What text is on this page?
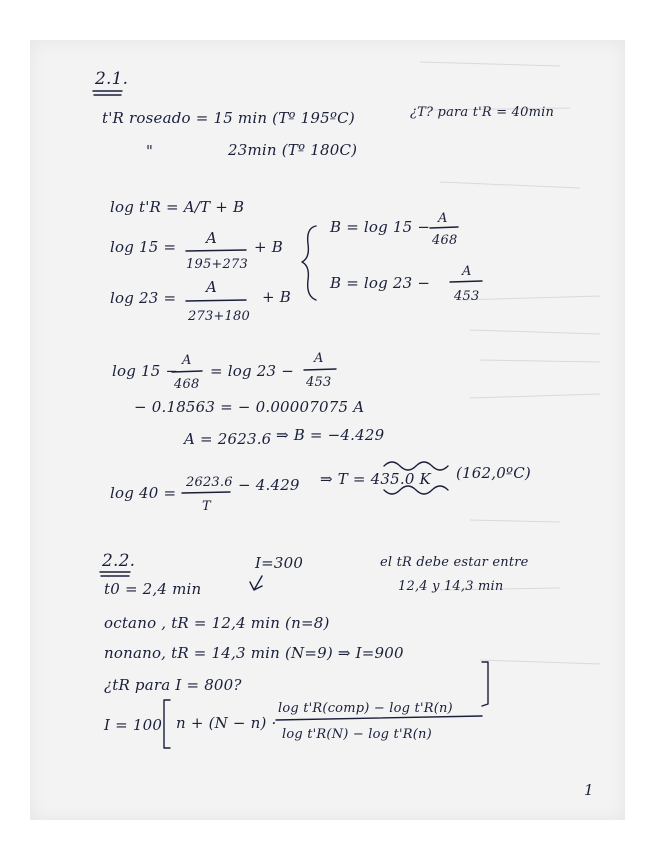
2.1.
t'R roseado = 15 min (Tº 195ºC)	¿T? para t'R = 40min
"	23min (Tº 180C)
log t'R = A/T + B
log 15 = A
195+273
+ B
log 23 =
A
273+180
+ B
B = log 15 − A
468
B = log 23 −
A
453
log 15 −
A
468
= log 23 −
A
453
− 0.18563 = − 0.00007075 A
A = 2623.6 ⇒ B = −4.429
log 40 =
2623.6
T
− 4.429 ⇒ T = 435.0 K (162,0ºC)
2.2.	I=300	el tR debe estar entre
12,4 y 14,3 min
t0 = 2,4 min
octano , tR = 12,4 min (n=8)
nonano, tR = 14,3 min (N=9) ⇒ I=900
¿tR para I = 800?
I = 100 n + (N − n) ·
log t'R(comp) − log t'R(n)
log t'R(N) − log t'R(n)
1
